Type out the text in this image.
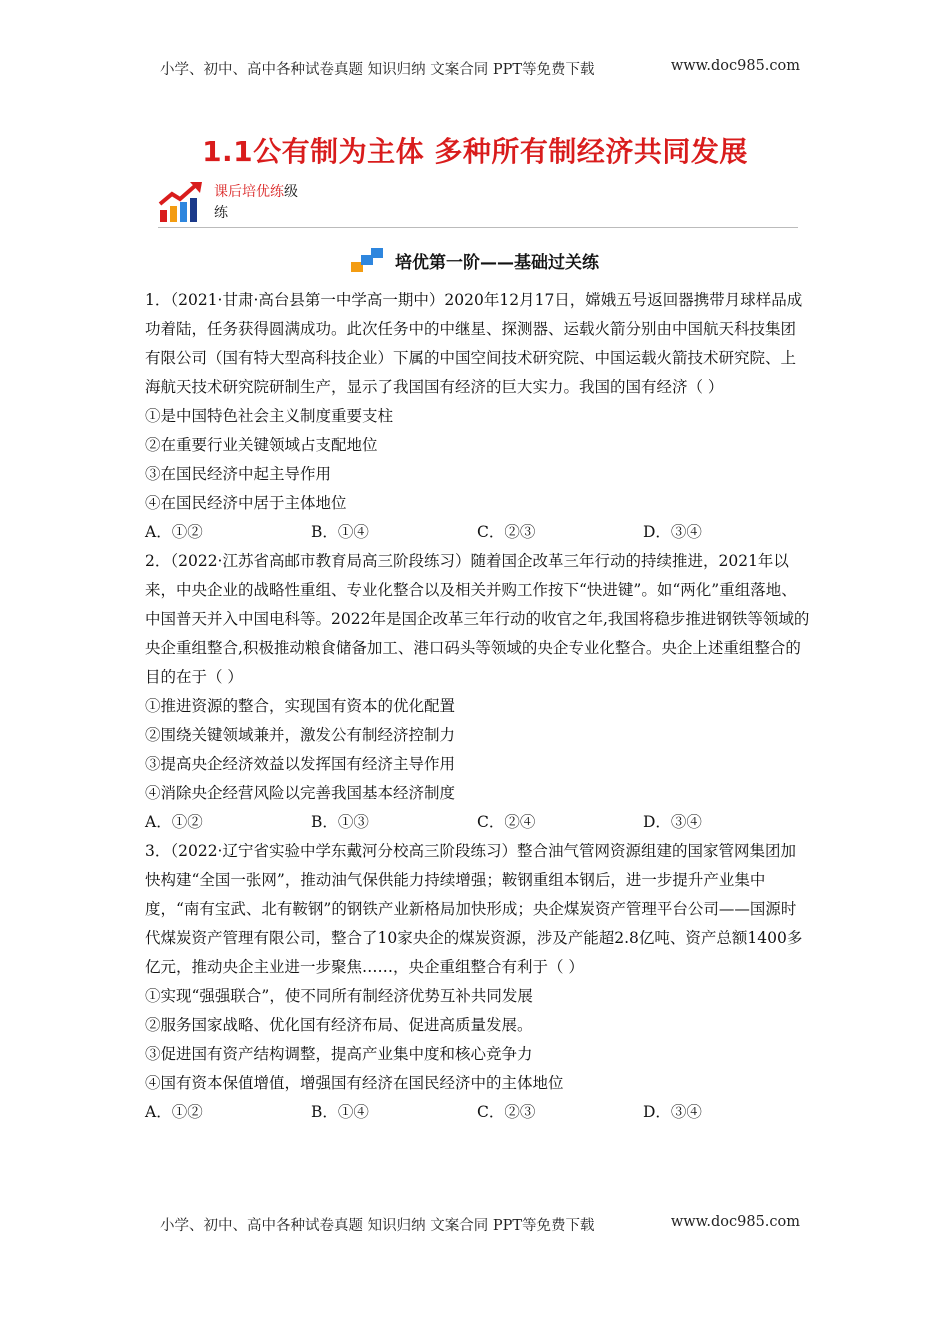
小学、初中、高中各种试卷真题 知识归纳 文案合同 PPT等免费下载	www.doc985.com
1.1公有制为主体 多种所有制经济共同发展
课后培优练级
练
培优第一阶——基础过关练

1．（2021·甘肃·高台县第一中学高一期中）2020年12月17日，嫦娥五号返回器携带月球样品成功着陆，任务获得圆满成功。此次任务中的中继星、探测器、运载火箭分别由中国航天科技集团有限公司（国有特大型高科技企业）下属的中国空间技术研究院、中国运载火箭技术研究院、上海航天技术研究院研制生产，显示了我国国有经济的巨大实力。我国的国有经济（ ）

①是中国特色社会主义制度重要支柱

②在重要行业关键领域占支配地位

③在国民经济中起主导作用

④在国民经济中居于主体地位

A．①②	B．①④	C．②③	D．③④

2．（2022·江苏省高邮市教育局高三阶段练习）随着国企改革三年行动的持续推进，2021年以来，中央企业的战略性重组、专业化整合以及相关并购工作按下“快进键”。如“两化”重组落地、中国普天并入中国电科等。2022年是国企改革三年行动的收官之年,我国将稳步推进钢铁等领域的央企重组整合,积极推动粮食储备加工、港口码头等领域的央企专业化整合。央企上述重组整合的目的在于（ ）

①推进资源的整合，实现国有资本的优化配置

②围绕关键领域兼并，激发公有制经济控制力

③提高央企经济效益以发挥国有经济主导作用

④消除央企经营风险以完善我国基本经济制度

A．①②	B．①③	C．②④	D．③④

3．（2022·辽宁省实验中学东戴河分校高三阶段练习）整合油气管网资源组建的国家管网集团加快构建“全国一张网”，推动油气保供能力持续增强；鞍钢重组本钢后，进一步提升产业集中度，“南有宝武、北有鞍钢”的钢铁产业新格局加快形成；央企煤炭资产管理平台公司——国源时代煤炭资产管理有限公司，整合了10家央企的煤炭资源，涉及产能超2.8亿吨、资产总额1400多亿元，推动央企主业进一步聚焦……，央企重组整合有利于（ ）

①实现“强强联合”，使不同所有制经济优势互补共同发展

②服务国家战略、优化国有经济布局、促进高质量发展。

③促进国有资产结构调整，提高产业集中度和核心竞争力

④国有资本保值增值，增强国有经济在国民经济中的主体地位

A．①②	B．①④	C．②③	D．③④
小学、初中、高中各种试卷真题 知识归纳 文案合同 PPT等免费下载	www.doc985.com
